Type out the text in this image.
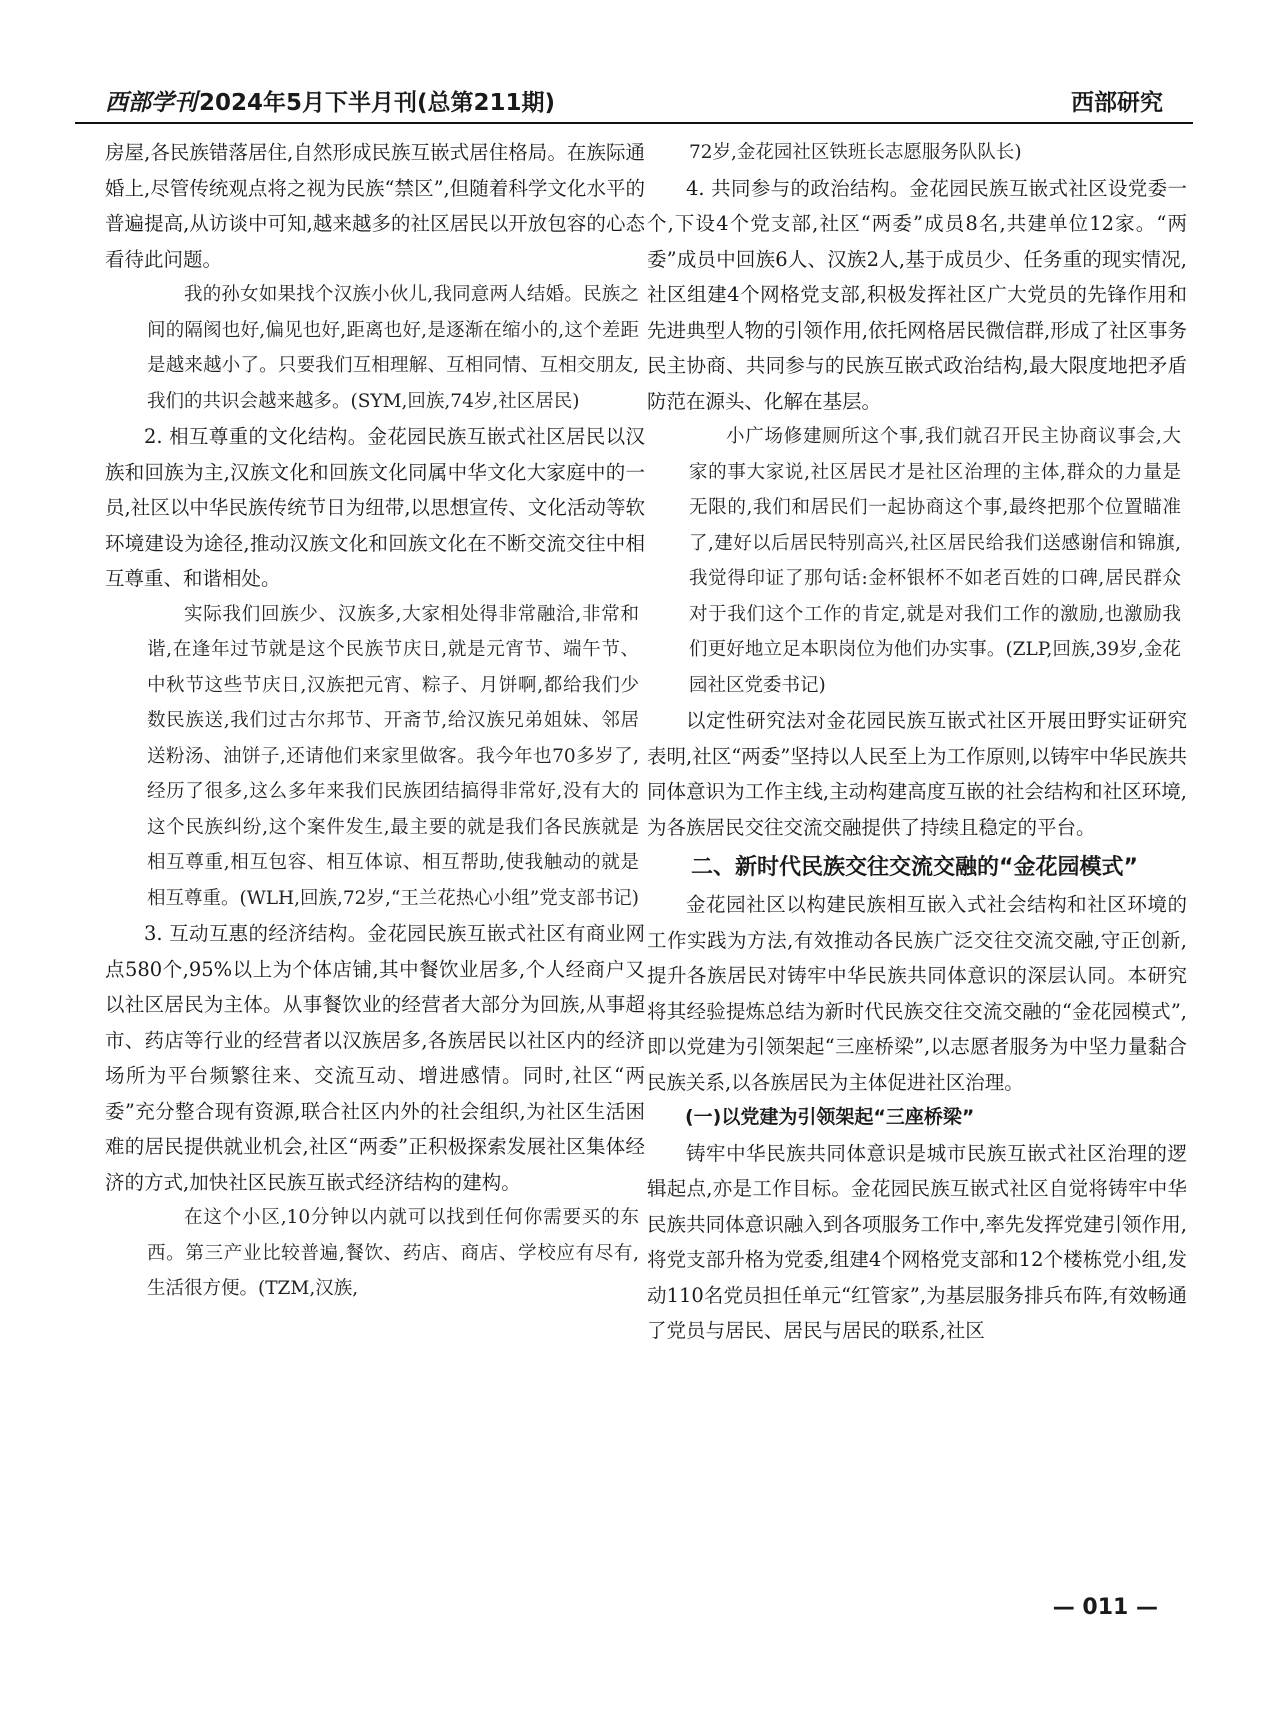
西部学刊2024年5月下半月刊(总第211期)	西部研究

房屋,各民族错落居住,自然形成民族互嵌式居住格局。在族际通婚上,尽管传统观点将之视为民族“禁区”,但随着科学文化水平的普遍提高,从访谈中可知,越来越多的社区居民以开放包容的心态看待此问题。

我的孙女如果找个汉族小伙儿,我同意两人结婚。民族之间的隔阂也好,偏见也好,距离也好,是逐渐在缩小的,这个差距是越来越小了。只要我们互相理解、互相同情、互相交朋友,我们的共识会越来越多。(SYM,回族,74岁,社区居民)

2. 相互尊重的文化结构。金花园民族互嵌式社区居民以汉族和回族为主,汉族文化和回族文化同属中华文化大家庭中的一员,社区以中华民族传统节日为纽带,以思想宣传、文化活动等软环境建设为途径,推动汉族文化和回族文化在不断交流交往中相互尊重、和谐相处。

实际我们回族少、汉族多,大家相处得非常融洽,非常和谐,在逢年过节就是这个民族节庆日,就是元宵节、端午节、中秋节这些节庆日,汉族把元宵、粽子、月饼啊,都给我们少数民族送,我们过古尔邦节、开斋节,给汉族兄弟姐妹、邻居送粉汤、油饼子,还请他们来家里做客。我今年也70多岁了,经历了很多,这么多年来我们民族团结搞得非常好,没有大的这个民族纠纷,这个案件发生,最主要的就是我们各民族就是相互尊重,相互包容、相互体谅、相互帮助,使我触动的就是相互尊重。(WLH,回族,72岁,“王兰花热心小组”党支部书记)

3. 互动互惠的经济结构。金花园民族互嵌式社区有商业网点580个,95%以上为个体店铺,其中餐饮业居多,个人经商户又以社区居民为主体。从事餐饮业的经营者大部分为回族,从事超市、药店等行业的经营者以汉族居多,各族居民以社区内的经济场所为平台频繁往来、交流互动、增进感情。同时,社区“两委”充分整合现有资源,联合社区内外的社会组织,为社区生活困难的居民提供就业机会,社区“两委”正积极探索发展社区集体经济的方式,加快社区民族互嵌式经济结构的建构。

在这个小区,10分钟以内就可以找到任何你需要买的东西。第三产业比较普遍,餐饮、药店、商店、学校应有尽有,生活很方便。(TZM,汉族,

72岁,金花园社区铁班长志愿服务队队长)

4. 共同参与的政治结构。金花园民族互嵌式社区设党委一个,下设4个党支部,社区“两委”成员8名,共建单位12家。“两委”成员中回族6人、汉族2人,基于成员少、任务重的现实情况,社区组建4个网格党支部,积极发挥社区广大党员的先锋作用和先进典型人物的引领作用,依托网格居民微信群,形成了社区事务民主协商、共同参与的民族互嵌式政治结构,最大限度地把矛盾防范在源头、化解在基层。

小广场修建厕所这个事,我们就召开民主协商议事会,大家的事大家说,社区居民才是社区治理的主体,群众的力量是无限的,我们和居民们一起协商这个事,最终把那个位置瞄准了,建好以后居民特别高兴,社区居民给我们送感谢信和锦旗,我觉得印证了那句话:金杯银杯不如老百姓的口碑,居民群众对于我们这个工作的肯定,就是对我们工作的激励,也激励我们更好地立足本职岗位为他们办实事。(ZLP,回族,39岁,金花园社区党委书记)

以定性研究法对金花园民族互嵌式社区开展田野实证研究表明,社区“两委”坚持以人民至上为工作原则,以铸牢中华民族共同体意识为工作主线,主动构建高度互嵌的社会结构和社区环境,为各族居民交往交流交融提供了持续且稳定的平台。

二、新时代民族交往交流交融的“金花园模式”

金花园社区以构建民族相互嵌入式社会结构和社区环境的工作实践为方法,有效推动各民族广泛交往交流交融,守正创新,提升各族居民对铸牢中华民族共同体意识的深层认同。本研究将其经验提炼总结为新时代民族交往交流交融的“金花园模式”,即以党建为引领架起“三座桥梁”,以志愿者服务为中坚力量黏合民族关系,以各族居民为主体促进社区治理。

(一)以党建为引领架起“三座桥梁”

铸牢中华民族共同体意识是城市民族互嵌式社区治理的逻辑起点,亦是工作目标。金花园民族互嵌式社区自觉将铸牢中华民族共同体意识融入到各项服务工作中,率先发挥党建引领作用,将党支部升格为党委,组建4个网格党支部和12个楼栋党小组,发动110名党员担任单元“红管家”,为基层服务排兵布阵,有效畅通了党员与居民、居民与居民的联系,社区

— 011 —
